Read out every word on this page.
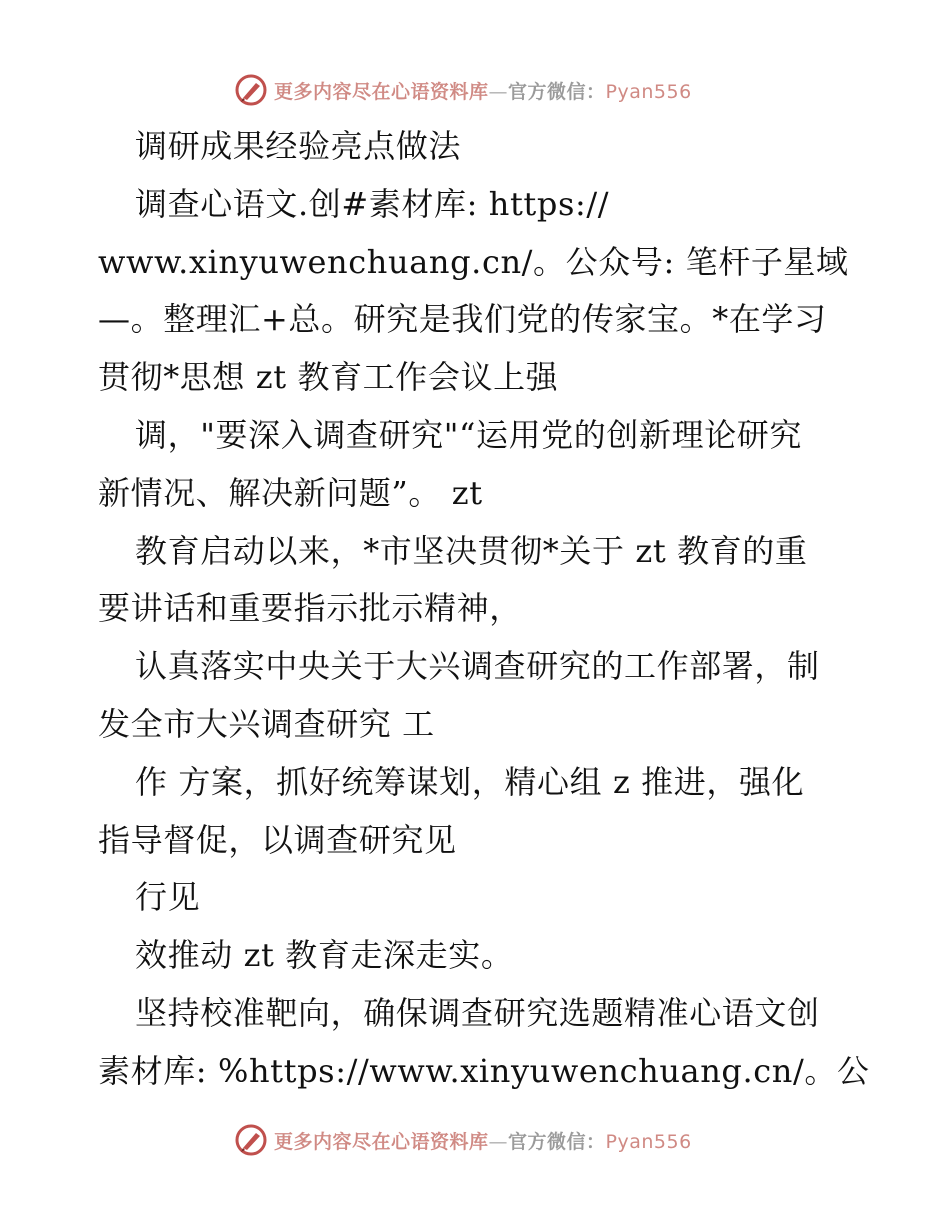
更多内容尽在心语资料库—官方微信：Pyan556
调研成果经验亮点做法
调查心语文.创#素材库: https://
www.xinyuwenchuang.cn/。公众号: 笔杆子星域
—。整理汇+总。研究是我们党的传家宝。*在学习
贯彻*思想 zt 教育工作会议上强
调，"要深入调查研究"“运用党的创新理论研究
新情况、解决新问题”。 zt
教育启动以来，*市坚决贯彻*关于 zt 教育的重
要讲话和重要指示批示精神，
认真落实中央关于大兴调查研究的工作部署，制
发全市大兴调查研究 工
作 方案，抓好统筹谋划，精心组 z 推进，强化
指导督促，以调查研究见
行见
效推动 zt 教育走深走实。
坚持校准靶向，确保调查研究选题精准心语文创
素材库: %https://www.xinyuwenchuang.cn/。公
更多内容尽在心语资料库—官方微信：Pyan556
